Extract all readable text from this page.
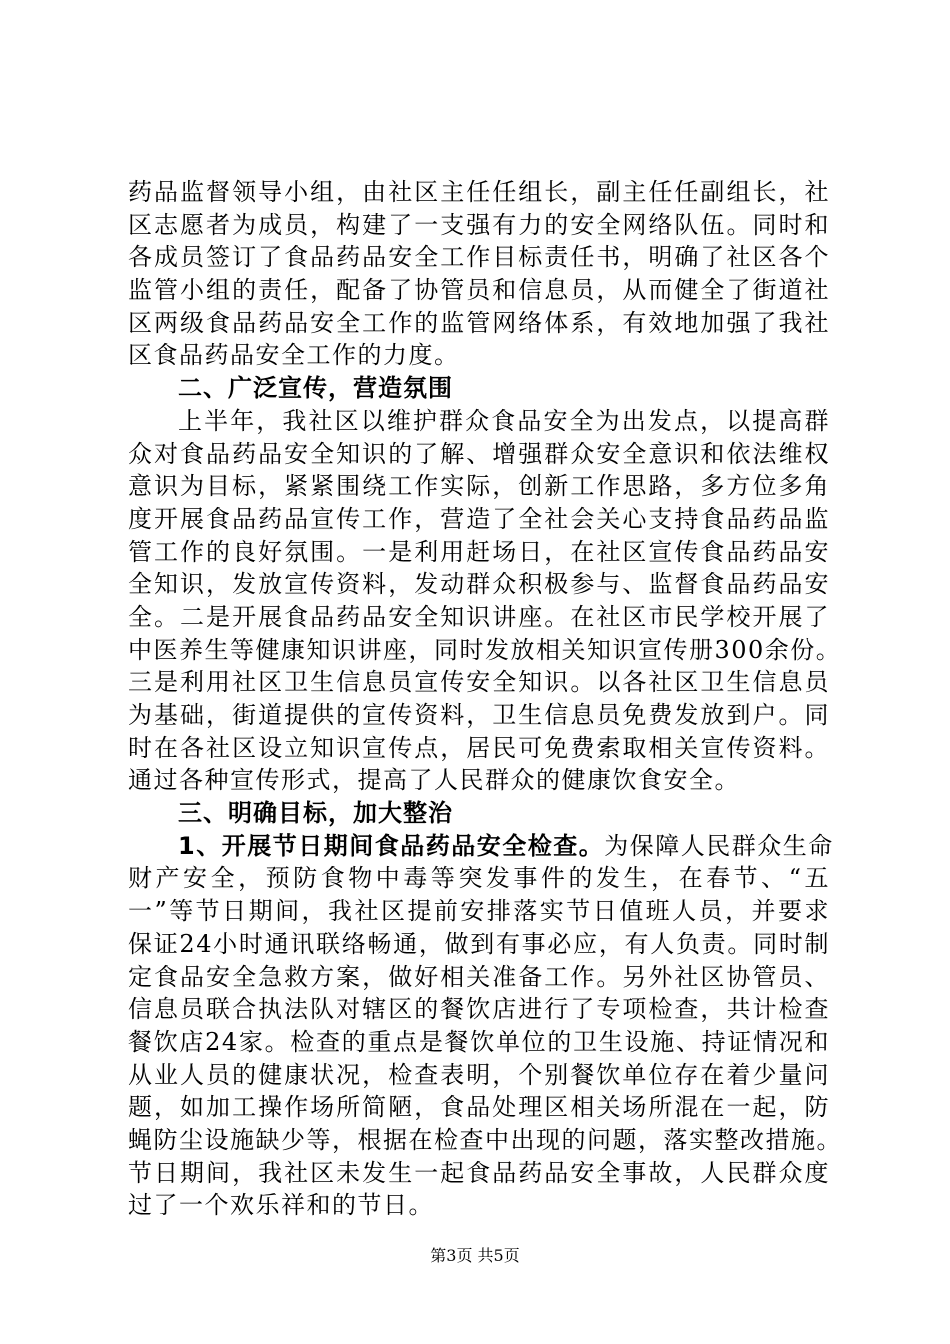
药品监督领导小组，由社区主任任组长，副主任任副组长，社
区志愿者为成员，构建了一支强有力的安全网络队伍。同时和
各成员签订了食品药品安全工作目标责任书，明确了社区各个
监管小组的责任，配备了协管员和信息员，从而健全了街道社
区两级食品药品安全工作的监管网络体系，有效地加强了我社
区食品药品安全工作的力度。
二、广泛宣传，营造氛围
上半年，我社区以维护群众食品安全为出发点，以提高群
众对食品药品安全知识的了解、增强群众安全意识和依法维权
意识为目标，紧紧围绕工作实际，创新工作思路，多方位多角
度开展食品药品宣传工作，营造了全社会关心支持食品药品监
管工作的良好氛围。一是利用赶场日，在社区宣传食品药品安
全知识，发放宣传资料，发动群众积极参与、监督食品药品安
全。二是开展食品药品安全知识讲座。在社区市民学校开展了
中医养生等健康知识讲座，同时发放相关知识宣传册300余份。
三是利用社区卫生信息员宣传安全知识。以各社区卫生信息员
为基础，街道提供的宣传资料，卫生信息员免费发放到户。同
时在各社区设立知识宣传点，居民可免费索取相关宣传资料。
通过各种宣传形式，提高了人民群众的健康饮食安全。
三、明确目标，加大整治
1、开展节日期间食品药品安全检查。为保障人民群众生命
财产安全，预防食物中毒等突发事件的发生，在春节、“五
一”等节日期间，我社区提前安排落实节日值班人员，并要求
保证24小时通讯联络畅通，做到有事必应，有人负责。同时制
定食品安全急救方案，做好相关准备工作。另外社区协管员、
信息员联合执法队对辖区的餐饮店进行了专项检查，共计检查
餐饮店24家。检查的重点是餐饮单位的卫生设施、持证情况和
从业人员的健康状况，检查表明，个别餐饮单位存在着少量问
题，如加工操作场所简陋，食品处理区相关场所混在一起，防
蝇防尘设施缺少等，根据在检查中出现的问题，落实整改措施。
节日期间，我社区未发生一起食品药品安全事故，人民群众度
过了一个欢乐祥和的节日。
第3页 共5页
